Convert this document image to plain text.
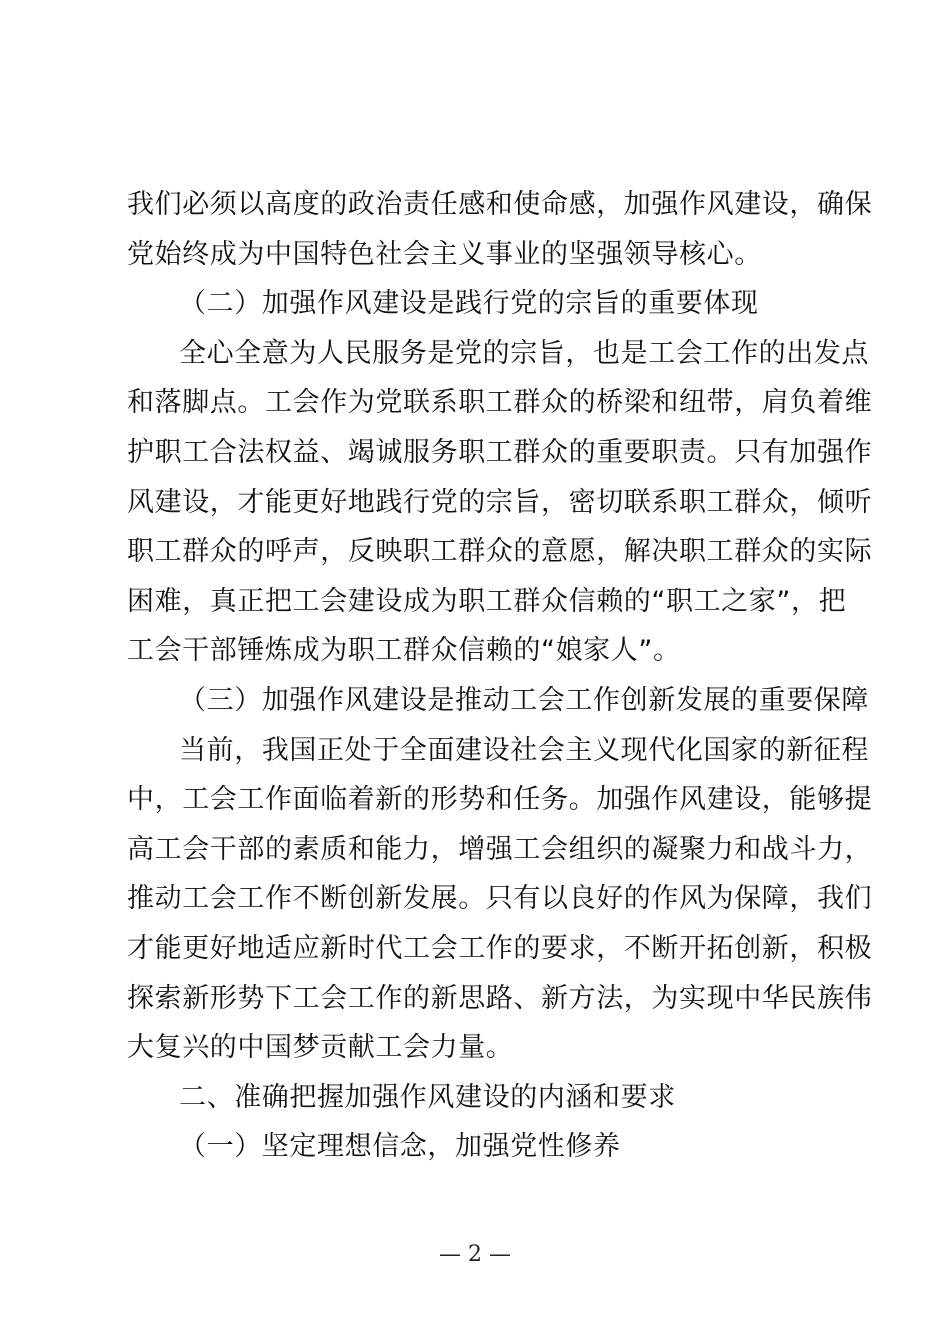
我们必须以高度的政治责任感和使命感，加强作风建设，确保
党始终成为中国特色社会主义事业的坚强领导核心。
（二）加强作风建设是践行党的宗旨的重要体现
全心全意为人民服务是党的宗旨，也是工会工作的出发点
和落脚点。工会作为党联系职工群众的桥梁和纽带，肩负着维
护职工合法权益、竭诚服务职工群众的重要职责。只有加强作
风建设，才能更好地践行党的宗旨，密切联系职工群众，倾听
职工群众的呼声，反映职工群众的意愿，解决职工群众的实际
困难，真正把工会建设成为职工群众信赖的“职工之家”，把
工会干部锤炼成为职工群众信赖的“娘家人”。
（三）加强作风建设是推动工会工作创新发展的重要保障
当前，我国正处于全面建设社会主义现代化国家的新征程
中，工会工作面临着新的形势和任务。加强作风建设，能够提
高工会干部的素质和能力，增强工会组织的凝聚力和战斗力，
推动工会工作不断创新发展。只有以良好的作风为保障，我们
才能更好地适应新时代工会工作的要求，不断开拓创新，积极
探索新形势下工会工作的新思路、新方法，为实现中华民族伟
大复兴的中国梦贡献工会力量。
二、准确把握加强作风建设的内涵和要求
（一）坚定理想信念，加强党性修养
— 2 —
